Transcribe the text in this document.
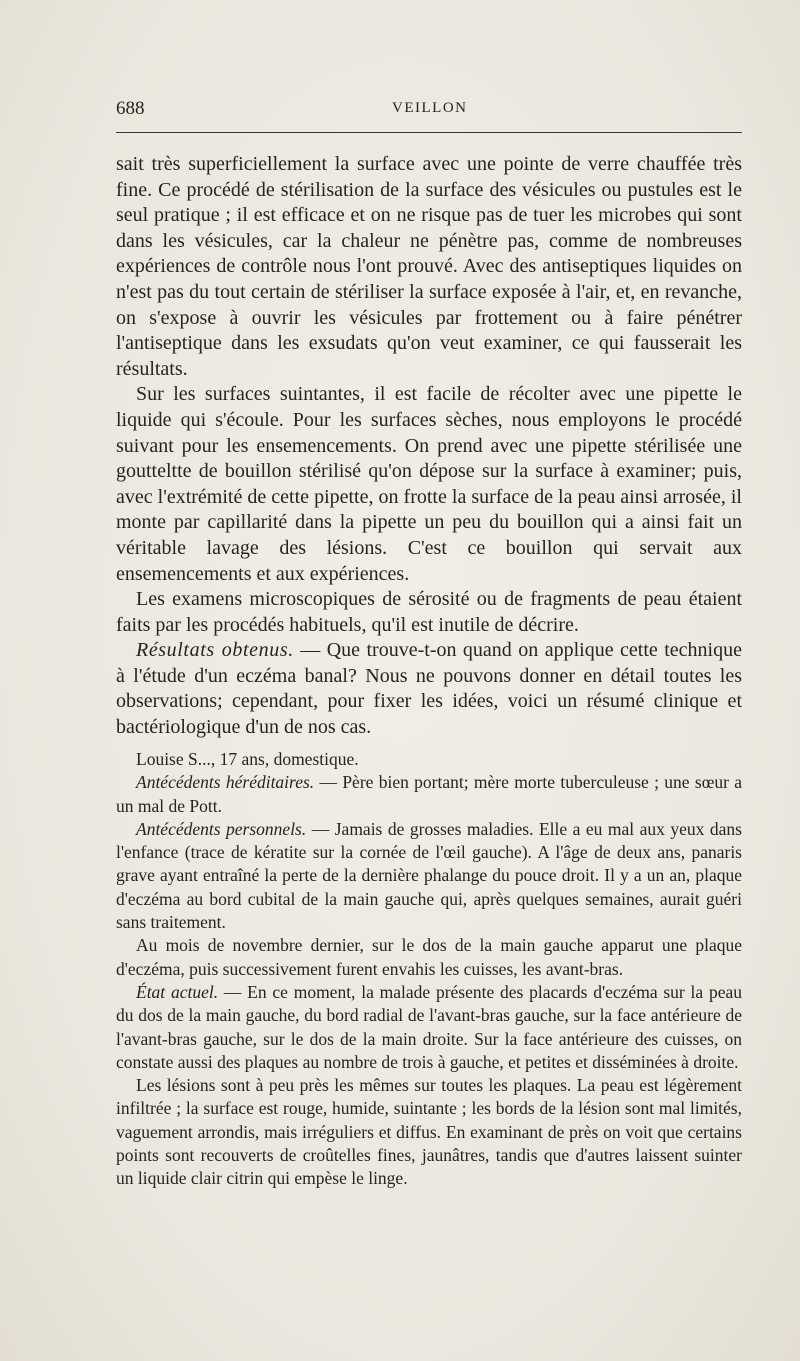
688	VEILLON

sait très superficiellement la surface avec une pointe de verre chauffée très fine. Ce procédé de stérilisation de la surface des vésicules ou pustules est le seul pratique ; il est efficace et on ne risque pas de tuer les microbes qui sont dans les vésicules, car la chaleur ne pénètre pas, comme de nombreuses expériences de contrôle nous l'ont prouvé. Avec des antiseptiques liquides on n'est pas du tout certain de stériliser la surface exposée à l'air, et, en revanche, on s'expose à ouvrir les vésicules par frottement ou à faire pénétrer l'antiseptique dans les exsudats qu'on veut examiner, ce qui fausserait les résultats.

Sur les surfaces suintantes, il est facile de récolter avec une pipette le liquide qui s'écoule. Pour les surfaces sèches, nous employons le procédé suivant pour les ensemencements. On prend avec une pipette stérilisée une goutteltte de bouillon stérilisé qu'on dépose sur la surface à examiner; puis, avec l'extrémité de cette pipette, on frotte la surface de la peau ainsi arrosée, il monte par capillarité dans la pipette un peu du bouillon qui a ainsi fait un véritable lavage des lésions. C'est ce bouillon qui servait aux ensemencements et aux expériences.

Les examens microscopiques de sérosité ou de fragments de peau étaient faits par les procédés habituels, qu'il est inutile de décrire.

Résultats obtenus. — Que trouve-t-on quand on applique cette technique à l'étude d'un eczéma banal? Nous ne pouvons donner en détail toutes les observations; cependant, pour fixer les idées, voici un résumé clinique et bactériologique d'un de nos cas.

Louise S..., 17 ans, domestique.

Antécédents héréditaires. — Père bien portant; mère morte tuberculeuse ; une sœur a un mal de Pott.

Antécédents personnels. — Jamais de grosses maladies. Elle a eu mal aux yeux dans l'enfance (trace de kératite sur la cornée de l'œil gauche). A l'âge de deux ans, panaris grave ayant entraîné la perte de la dernière phalange du pouce droit. Il y a un an, plaque d'eczéma au bord cubital de la main gauche qui, après quelques semaines, aurait guéri sans traitement.

Au mois de novembre dernier, sur le dos de la main gauche apparut une plaque d'eczéma, puis successivement furent envahis les cuisses, les avant-bras.

État actuel. — En ce moment, la malade présente des placards d'eczéma sur la peau du dos de la main gauche, du bord radial de l'avant-bras gauche, sur la face antérieure de l'avant-bras gauche, sur le dos de la main droite. Sur la face antérieure des cuisses, on constate aussi des plaques au nombre de trois à gauche, et petites et disséminées à droite.

Les lésions sont à peu près les mêmes sur toutes les plaques. La peau est légèrement infiltrée ; la surface est rouge, humide, suintante ; les bords de la lésion sont mal limités, vaguement arrondis, mais irréguliers et diffus. En examinant de près on voit que certains points sont recouverts de croûtelles fines, jaunâtres, tandis que d'autres laissent suinter un liquide clair citrin qui empèse le linge.
